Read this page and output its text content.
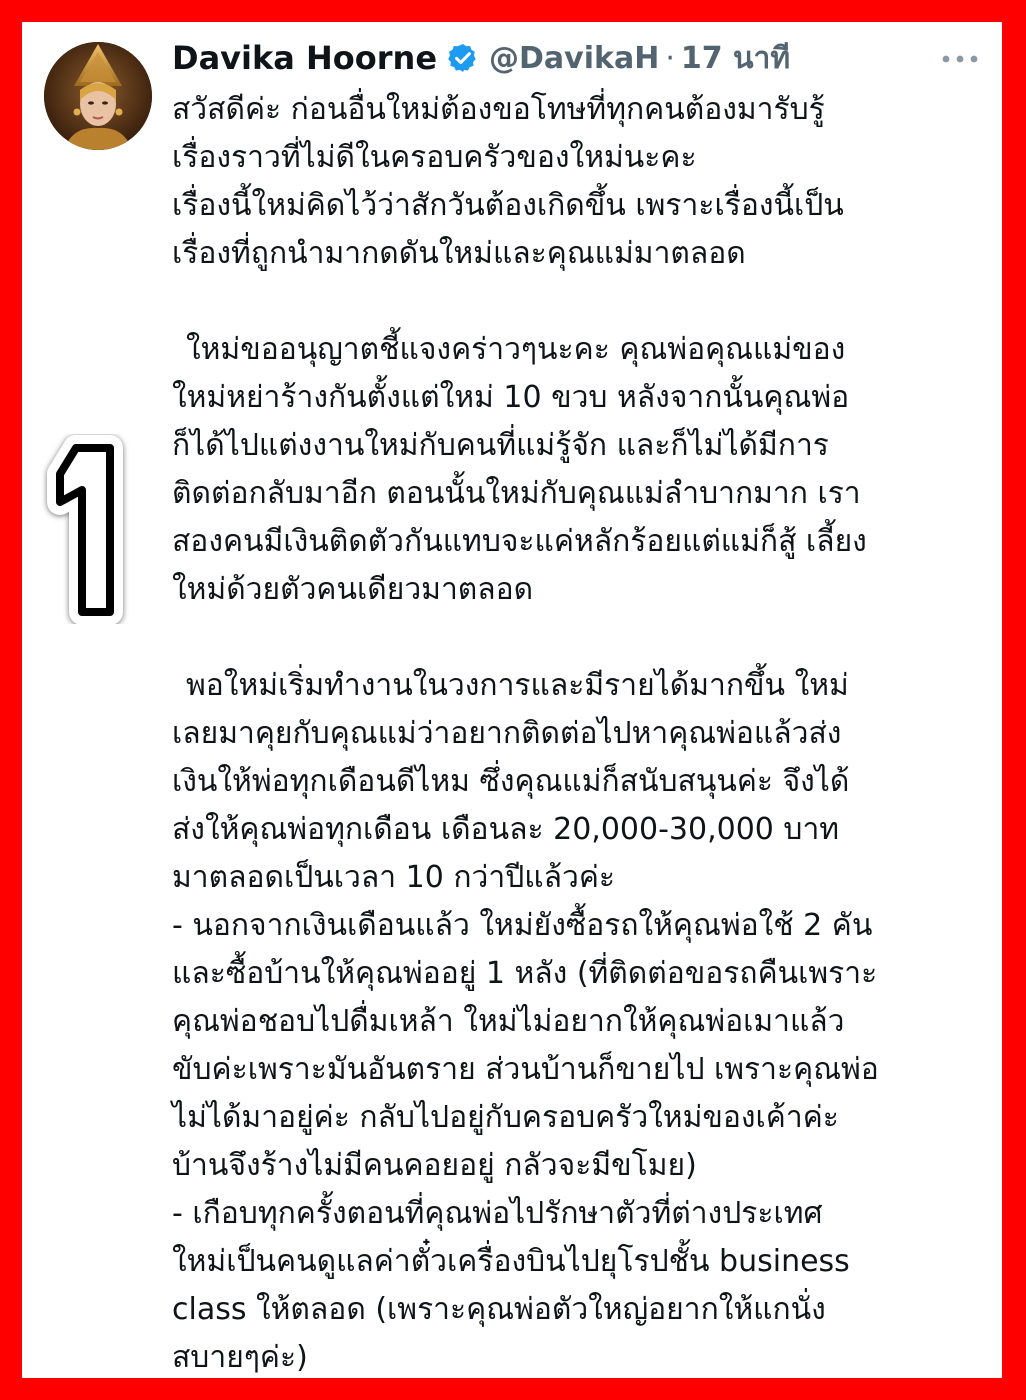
Davika Hoorne @DavikaH · 17 นาที
สวัสดีค่ะ ก่อนอื่นใหม่ต้องขอโทษที่ทุกคนต้องมารับรู้
เรื่องราวที่ไม่ดีในครอบครัวของใหม่นะคะ
เรื่องนี้ใหม่คิดไว้ว่าสักวันต้องเกิดขึ้น เพราะเรื่องนี้เป็น
เรื่องที่ถูกนำมากดดันใหม่และคุณแม่มาตลอด
ใหม่ขออนุญาตชี้แจงคร่าวๆนะคะ คุณพ่อคุณแม่ของ
ใหม่หย่าร้างกันตั้งแต่ใหม่ 10 ขวบ หลังจากนั้นคุณพ่อ
ก็ได้ไปแต่งงานใหม่กับคนที่แม่รู้จัก และก็ไม่ได้มีการ
ติดต่อกลับมาอีก ตอนนั้นใหม่กับคุณแม่ลำบากมาก เรา
สองคนมีเงินติดตัวกันแทบจะแค่หลักร้อยแต่แม่ก็สู้ เลี้ยง
ใหม่ด้วยตัวคนเดียวมาตลอด
พอใหม่เริ่มทำงานในวงการและมีรายได้มากขึ้น ใหม่
เลยมาคุยกับคุณแม่ว่าอยากติดต่อไปหาคุณพ่อแล้วส่ง
เงินให้พ่อทุกเดือนดีไหม ซึ่งคุณแม่ก็สนับสนุนค่ะ จึงได้
ส่งให้คุณพ่อทุกเดือน เดือนละ 20,000-30,000 บาท
มาตลอดเป็นเวลา 10 กว่าปีแล้วค่ะ
- นอกจากเงินเดือนแล้ว ใหม่ยังซื้อรถให้คุณพ่อใช้ 2 คัน
และซื้อบ้านให้คุณพ่ออยู่ 1 หลัง (ที่ติดต่อขอรถคืนเพราะ
คุณพ่อชอบไปดื่มเหล้า ใหม่ไม่อยากให้คุณพ่อเมาแล้ว
ขับค่ะเพราะมันอันตราย ส่วนบ้านก็ขายไป เพราะคุณพ่อ
ไม่ได้มาอยู่ค่ะ กลับไปอยู่กับครอบครัวใหม่ของเค้าค่ะ
บ้านจึงร้างไม่มีคนคอยอยู่ กลัวจะมีขโมย)
- เกือบทุกครั้งตอนที่คุณพ่อไปรักษาตัวที่ต่างประเทศ
ใหม่เป็นคนดูแลค่าตั๋วเครื่องบินไปยุโรปชั้น business
class ให้ตลอด (เพราะคุณพ่อตัวใหญ่อยากให้แกนั่ง
สบายๆค่ะ)
